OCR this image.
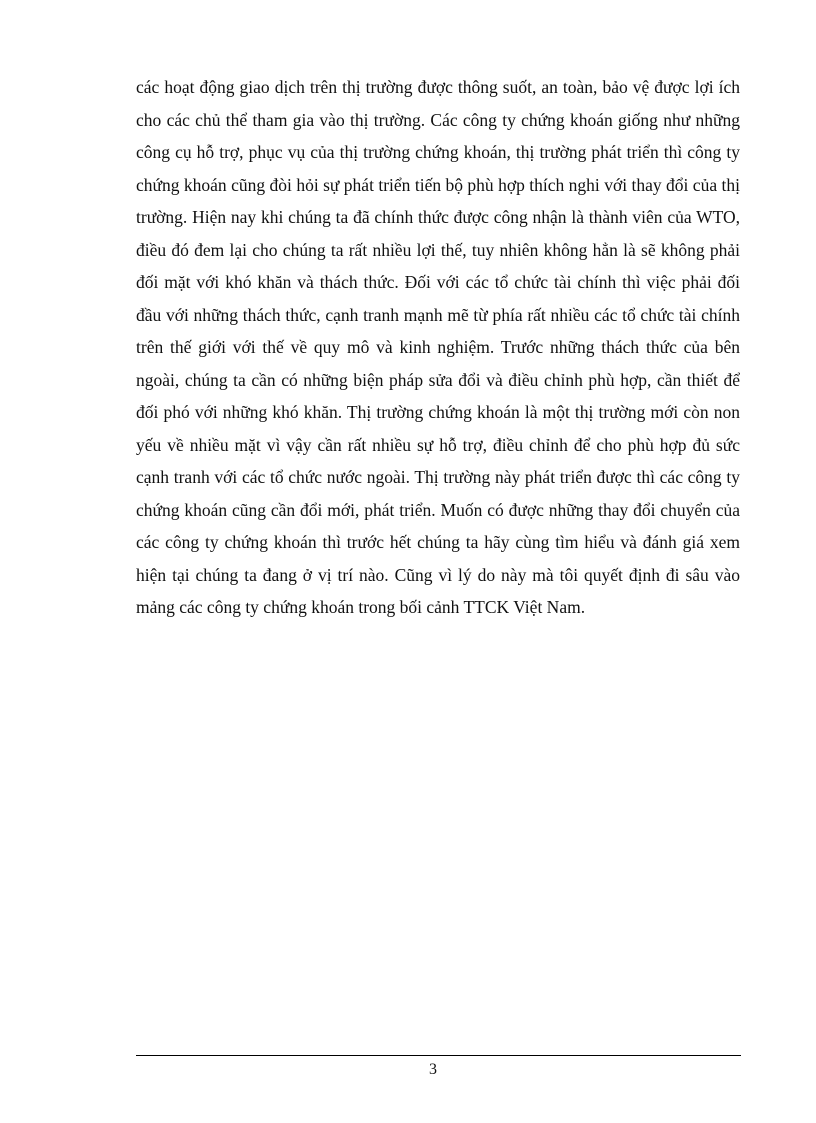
các hoạt động giao dịch trên thị trường được thông suốt, an toàn, bảo vệ được lợi ích cho các chủ thể tham gia vào thị trường. Các công ty chứng khoán giống như những công cụ hỗ trợ, phục vụ của thị trường chứng khoán, thị trường phát triển thì công ty chứng khoán cũng đòi hỏi sự phát triển tiến bộ phù hợp thích nghi với thay đổi của thị trường. Hiện nay khi chúng ta đã chính thức được công nhận là thành viên của WTO, điều đó đem lại cho chúng ta rất nhiều lợi thế, tuy nhiên không hẳn là sẽ không phải đối mặt với khó khăn và thách thức. Đối với các tổ chức tài chính thì việc phải đối đầu với những thách thức, cạnh tranh mạnh mẽ từ phía rất nhiều các tổ chức tài chính trên thế giới với thế về quy mô và kinh nghiệm. Trước những thách thức của bên ngoài, chúng ta cần có những biện pháp sửa đổi và điều chỉnh phù hợp, cần thiết để đối phó với những khó khăn. Thị trường chứng khoán là một thị trường mới còn non yếu về nhiều mặt vì vậy cần rất nhiều sự hỗ trợ, điều chỉnh để cho phù hợp đủ sức cạnh tranh với các tổ chức nước ngoài. Thị trường này phát triển được thì các công ty chứng khoán cũng cần đổi mới, phát triển. Muốn có được những thay đổi chuyển của các công ty chứng khoán thì trước hết chúng ta hãy cùng tìm hiểu và đánh giá xem hiện tại chúng ta đang ở vị trí nào. Cũng vì lý do này mà tôi quyết định đi sâu vào mảng các công ty chứng khoán trong bối cảnh TTCK Việt Nam.

3
